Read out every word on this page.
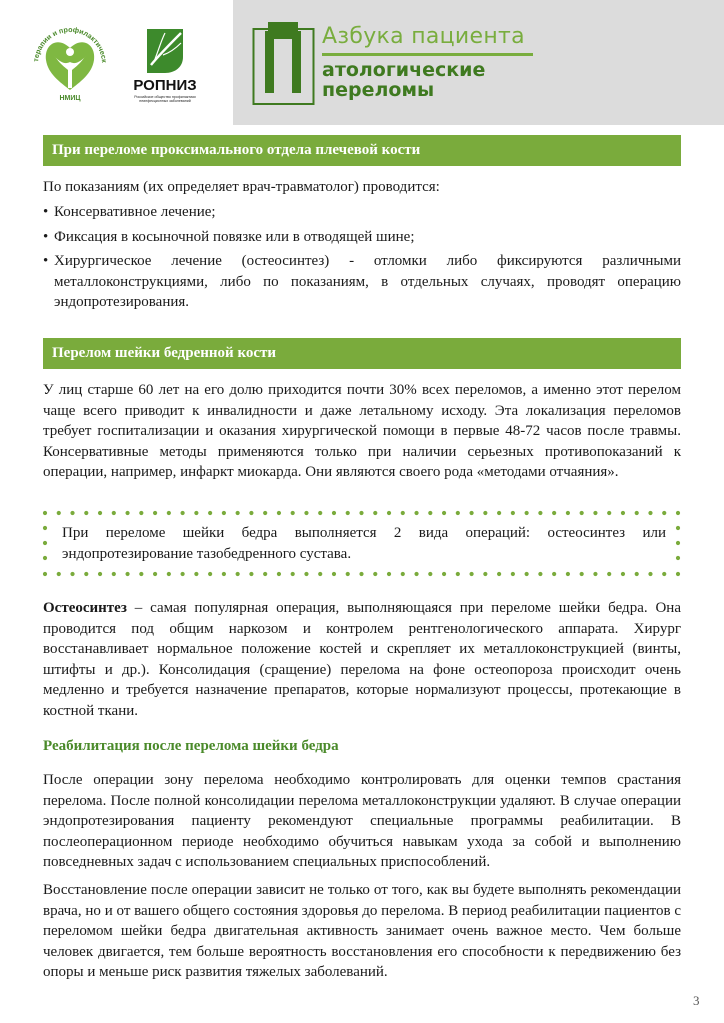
терапии и профилактическ
НМИЦ
РОПНИЗ
Российское общество профилактики неинфекционных заболеваний
Азбука пациента
атологические
переломы
При переломе проксимального отдела плечевой кости

По показаниям (их определяет врач-травматолог) проводится:

• Консервативное лечение;
• Фиксация в косыночной повязке или в отводящей шине;
• Хирургическое лечение (остеосинтез) - отломки либо фиксируются различными металлоконструкциями, либо по показаниям, в отдельных случаях, проводят операцию эндопротезирования.
Перелом шейки бедренной кости

У лиц старше 60 лет на его долю приходится почти 30% всех переломов, а именно этот перелом чаще всего приводит к инвалидности и даже летальному исходу. Эта локализация переломов требует госпитализации и оказания хирургической помощи в первые 48-72 часов после травмы. Консервативные методы применяются только при наличии серьезных противопоказаний к операции, например, инфаркт миокарда. Они являются своего рода «методами отчаяния».

При переломе шейки бедра выполняется 2 вида операций: остеосинтез или эндопротезирование тазобедренного сустава.

Остеосинтез – самая популярная операция, выполняющаяся при переломе шейки бедра. Она проводится под общим наркозом и контролем рентгенологического аппарата. Хирург восстанавливает нормальное положение костей и скрепляет их металлоконструкцией (винты, штифты и др.). Консолидация (сращение) перелома на фоне остеопороза происходит очень медленно и требуется назначение препаратов, которые нормализуют процессы, протекающие в костной ткани.

Реабилитация после перелома шейки бедра

После операции зону перелома необходимо контролировать для оценки темпов срастания перелома. После полной консолидации перелома металлоконструкции удаляют. В случае операции эндопротезирования пациенту рекомендуют специальные программы реабилитации. В послеоперационном периоде необходимо обучиться навыкам ухода за собой и выполнению повседневных задач с использованием специальных приспособлений.

Восстановление после операции зависит не только от того, как вы будете выполнять рекомендации врача, но и от вашего общего состояния здоровья до перелома. В период реабилитации пациентов с переломом шейки бедра двигательная активность занимает очень важное место. Чем больше человек двигается, тем больше вероятность восстановления его способности к передвижению без опоры и меньше риск развития тяжелых заболеваний.

3
